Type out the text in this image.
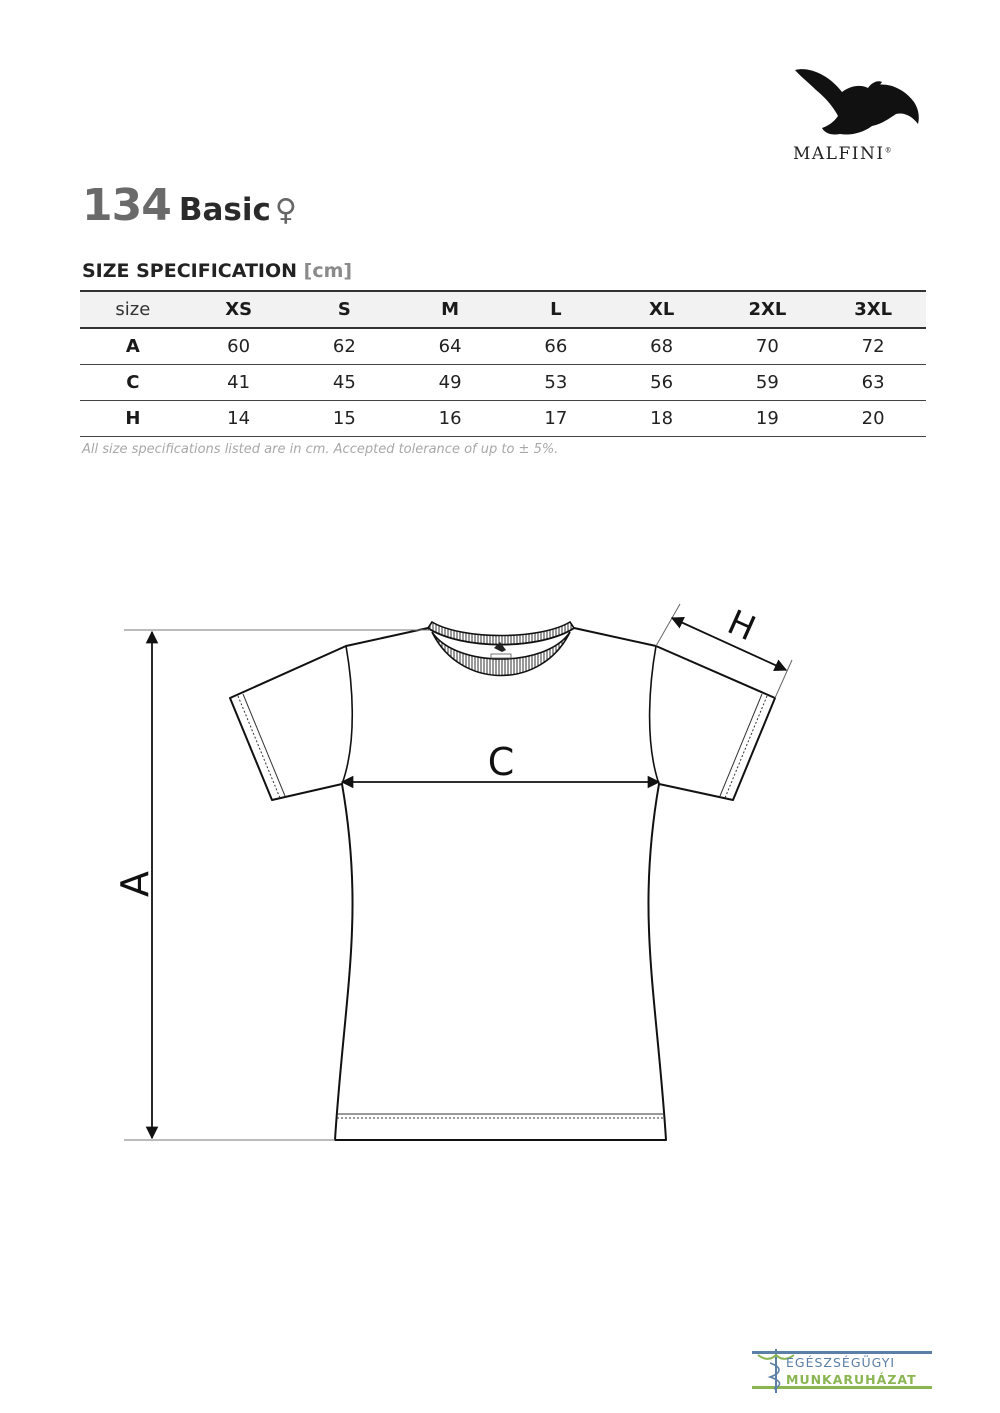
MALFINI®
134 Basic ♀
SIZE SPECIFICATION [cm]
size	XS	S	M	L	XL	2XL	3XL
A	60	62	64	66	68	70	72
C	41	45	49	53	56	59	63
H	14	15	16	17	18	19	20
All size specifications listed are in cm. Accepted tolerance of up to ± 5%.
A
C
H
EGÉSZSÉGÜGYI
MUNKARUHÁZAT
